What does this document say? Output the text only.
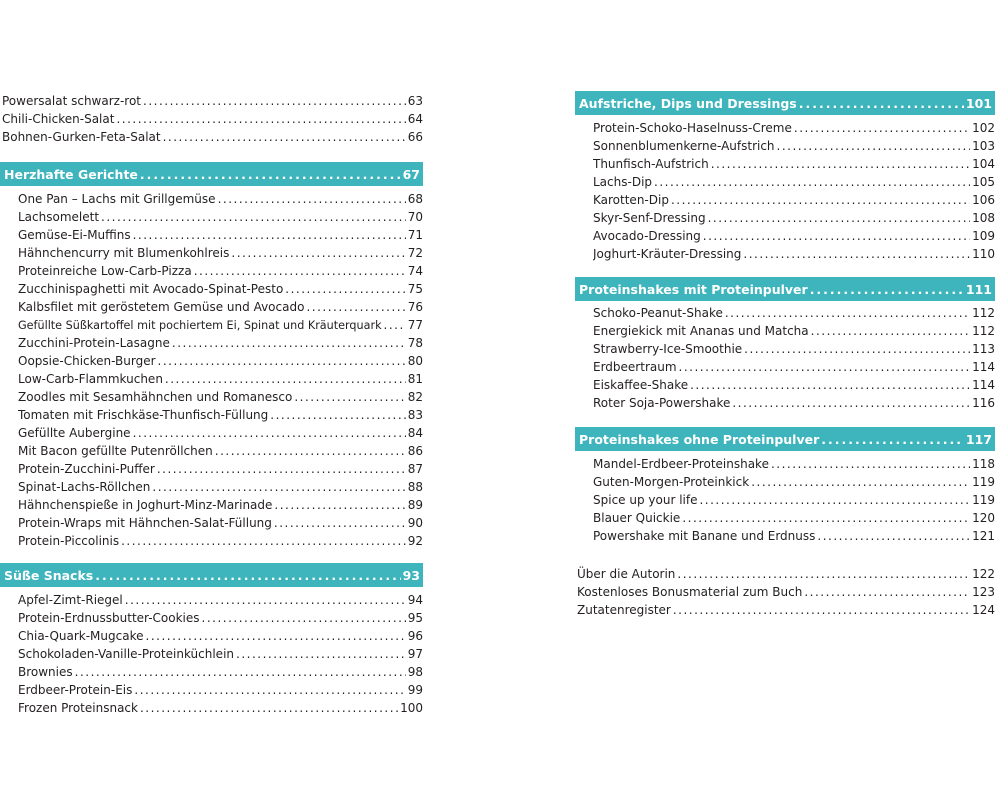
Powersalat schwarz-rot .....	63
Chili-Chicken-Salat .....	64
Bohnen-Gurken-Feta-Salat .....	66
Herzhafte Gerichte .....	67
One Pan – Lachs mit Grillgemüse .....	68
Lachsomelett .....	70
Gemüse-Ei-Muffins .....	71
Hähnchencurry mit Blumenkohlreis .....	72
Proteinreiche Low-Carb-Pizza .....	74
Zucchinispaghetti mit Avocado-Spinat-Pesto .....	75
Kalbsfilet mit geröstetem Gemüse und Avocado .....	76
Gefüllte Süßkartoffel mit pochiertem Ei, Spinat und Kräuterquark ..... 77
Zucchini-Protein-Lasagne .....	78
Oopsie-Chicken-Burger .....	80
Low-Carb-Flammkuchen .....	81
Zoodles mit Sesamhähnchen und Romanesco .....	82
Tomaten mit Frischkäse-Thunfisch-Füllung .....	83
Gefüllte Aubergine .....	84
Mit Bacon gefüllte Putenröllchen .....	86
Protein-Zucchini-Puffer .....	87
Spinat-Lachs-Röllchen .....	88
Hähnchenspieße in Joghurt-Minz-Marinade .....	89
Protein-Wraps mit Hähnchen-Salat-Füllung .....	90
Protein-Piccolinis .....	92
Süße Snacks .....	93
Apfel-Zimt-Riegel .....	94
Protein-Erdnussbutter-Cookies .....	95
Chia-Quark-Mugcake .....	96
Schokoladen-Vanille-Proteinküchlein .....	97
Brownies .....	98
Erdbeer-Protein-Eis .....	99
Frozen Proteinsnack .....	100
Aufstriche, Dips und Dressings .....	101
Protein-Schoko-Haselnuss-Creme .....	102
Sonnenblumenkerne-Aufstrich .....	103
Thunfisch-Aufstrich .....	104
Lachs-Dip .....	105
Karotten-Dip .....	106
Skyr-Senf-Dressing .....	108
Avocado-Dressing .....	109
Joghurt-Kräuter-Dressing .....	110
Proteinshakes mit Proteinpulver .....	111
Schoko-Peanut-Shake .....	112
Energiekick mit Ananas und Matcha .....	112
Strawberry-Ice-Smoothie .....	113
Erdbeertraum .....	114
Eiskaffee-Shake .....	114
Roter Soja-Powershake .....	116
Proteinshakes ohne Proteinpulver .....	117
Mandel-Erdbeer-Proteinshake .....	118
Guten-Morgen-Proteinkick .....	119
Spice up your life .....	119
Blauer Quickie .....	120
Powershake mit Banane und Erdnuss .....	121
Über die Autorin .....	122
Kostenloses Bonusmaterial zum Buch .....	123
Zutatenregister .....	124
